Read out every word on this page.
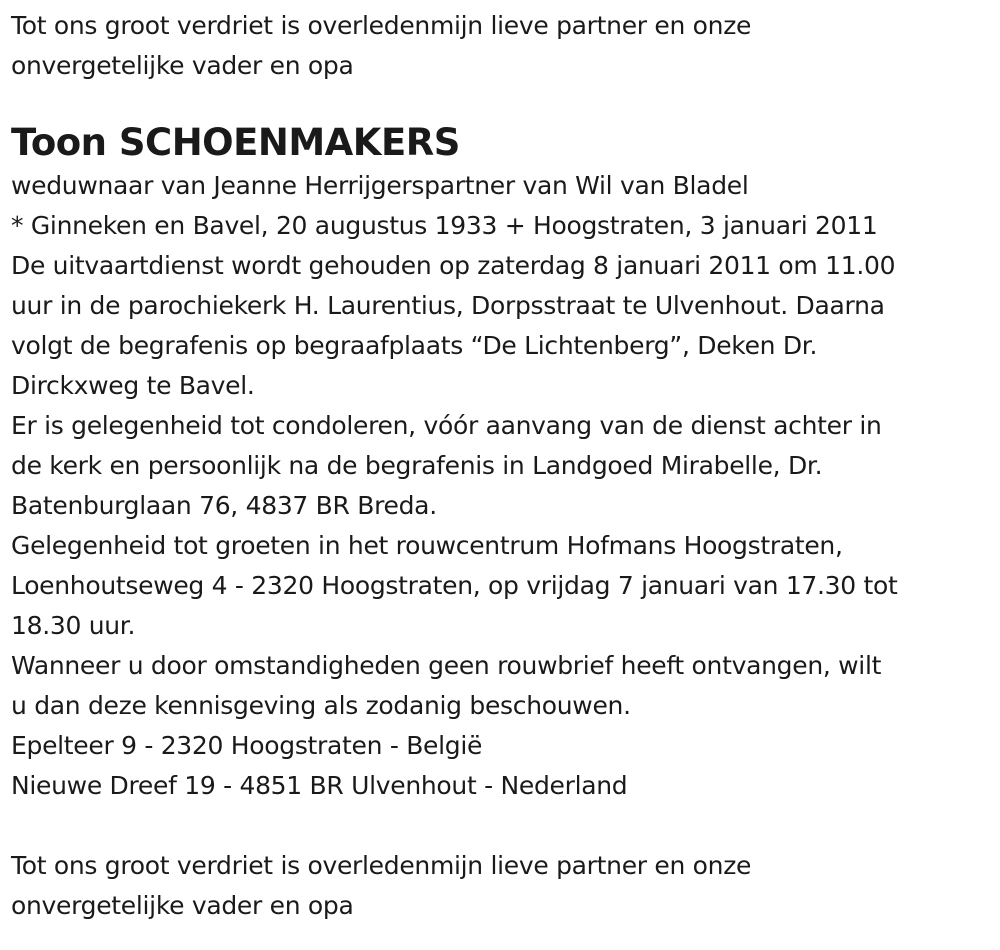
Tot ons groot verdriet is overledenmijn lieve partner en onze

onvergetelijke vader en opa

Toon SCHOENMAKERS

weduwnaar van Jeanne Herrijgerspartner van Wil van Bladel

* Ginneken en Bavel, 20 augustus 1933 + Hoogstraten, 3 januari 2011

De uitvaartdienst wordt gehouden op zaterdag 8 januari 2011 om 11.00

uur in de parochiekerk H. Laurentius, Dorpsstraat te Ulvenhout. Daarna

volgt de begrafenis op begraafplaats “De Lichtenberg”, Deken Dr.

Dirckxweg te Bavel.

Er is gelegenheid tot condoleren, vóór aanvang van de dienst achter in

de kerk en persoonlijk na de begrafenis in Landgoed Mirabelle, Dr.

Batenburglaan 76, 4837 BR Breda.

Gelegenheid tot groeten in het rouwcentrum Hofmans Hoogstraten,

Loenhoutseweg 4 - 2320 Hoogstraten, op vrijdag 7 januari van 17.30 tot

18.30 uur.

Wanneer u door omstandigheden geen rouwbrief heeft ontvangen, wilt

u dan deze kennisgeving als zodanig beschouwen.

Epelteer 9 - 2320 Hoogstraten - België

Nieuwe Dreef 19 - 4851 BR Ulvenhout - Nederland

Tot ons groot verdriet is overledenmijn lieve partner en onze

onvergetelijke vader en opa
